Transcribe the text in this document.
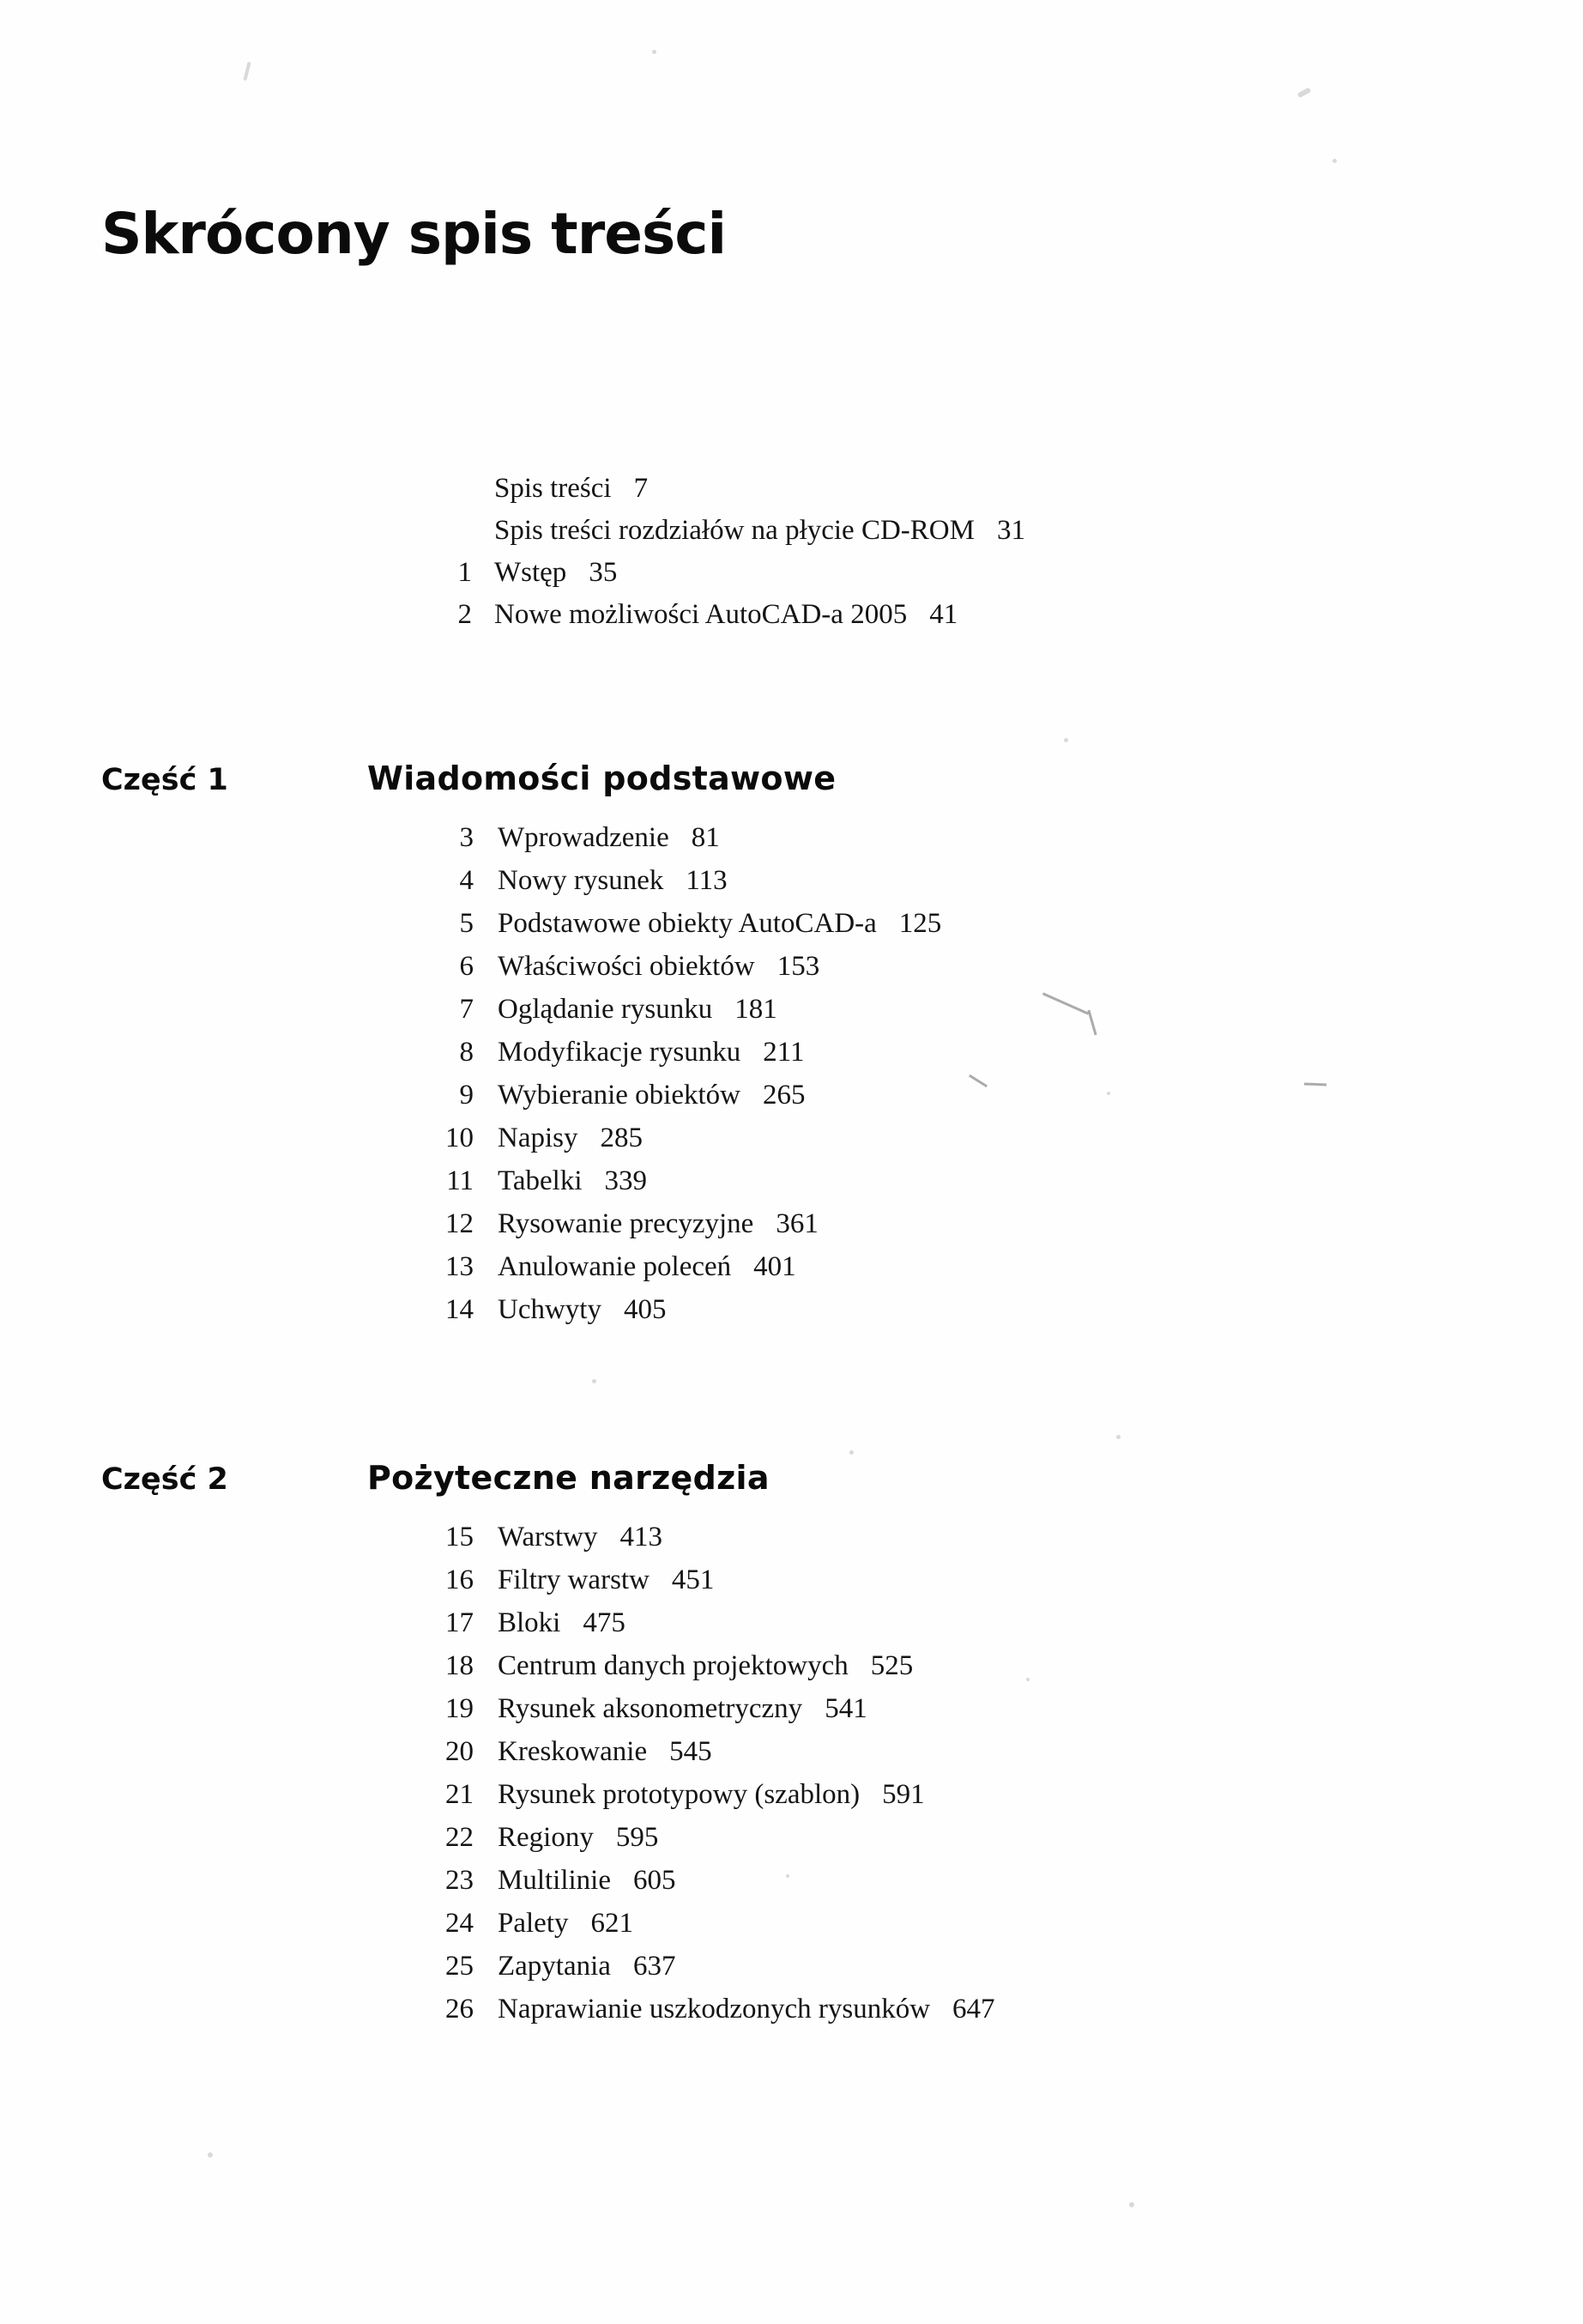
Skrócony spis treści
Spis treści 7
Spis treści rozdziałów na płycie CD-ROM 31
1 Wstęp 35
2 Nowe możliwości AutoCAD-a 2005 41
Część 1	Wiadomości podstawowe
3 Wprowadzenie 81
4 Nowy rysunek 113
5 Podstawowe obiekty AutoCAD-a 125
6 Właściwości obiektów 153
7 Oglądanie rysunku 181
8 Modyfikacje rysunku 211
9 Wybieranie obiektów 265
10 Napisy 285
11 Tabelki 339
12 Rysowanie precyzyjne 361
13 Anulowanie poleceń 401
14 Uchwyty 405
Część 2	Pożyteczne narzędzia
15 Warstwy 413
16 Filtry warstw 451
17 Bloki 475
18 Centrum danych projektowych 525
19 Rysunek aksonometryczny 541
20 Kreskowanie 545
21 Rysunek prototypowy (szablon) 591
22 Regiony 595
23 Multilinie 605
24 Palety 621
25 Zapytania 637
26 Naprawianie uszkodzonych rysunków 647
